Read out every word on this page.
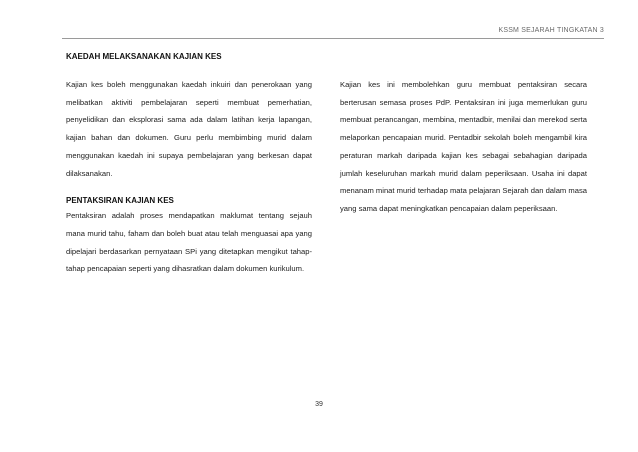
KSSM SEJARAH TINGKATAN 3
KAEDAH MELAKSANAKAN KAJIAN KES

Kajian kes boleh menggunakan kaedah inkuiri dan penerokaan yang melibatkan aktiviti pembelajaran seperti membuat pemerhatian, penyelidikan dan eksplorasi sama ada dalam latihan kerja lapangan, kajian bahan dan dokumen. Guru perlu membimbing murid dalam menggunakan kaedah ini supaya pembelajaran yang berkesan dapat dilaksanakan.

PENTAKSIRAN KAJIAN KES

Pentaksiran adalah proses mendapatkan maklumat tentang sejauh mana murid tahu, faham dan boleh buat atau telah menguasai apa yang dipelajari berdasarkan pernyataan SPi yang ditetapkan mengikut tahap-tahap pencapaian seperti yang dihasratkan dalam dokumen kurikulum.

Kajian kes ini membolehkan guru membuat pentaksiran secara berterusan semasa proses PdP. Pentaksiran ini juga memerlukan guru membuat perancangan, membina, mentadbir, menilai dan merekod serta melaporkan pencapaian murid. Pentadbir sekolah boleh mengambil kira peraturan markah daripada kajian kes sebagai sebahagian daripada jumlah keseluruhan markah murid dalam peperiksaan. Usaha ini dapat menanam minat murid terhadap mata pelajaran Sejarah dan dalam masa yang sama dapat meningkatkan pencapaian dalam peperiksaan.

39
